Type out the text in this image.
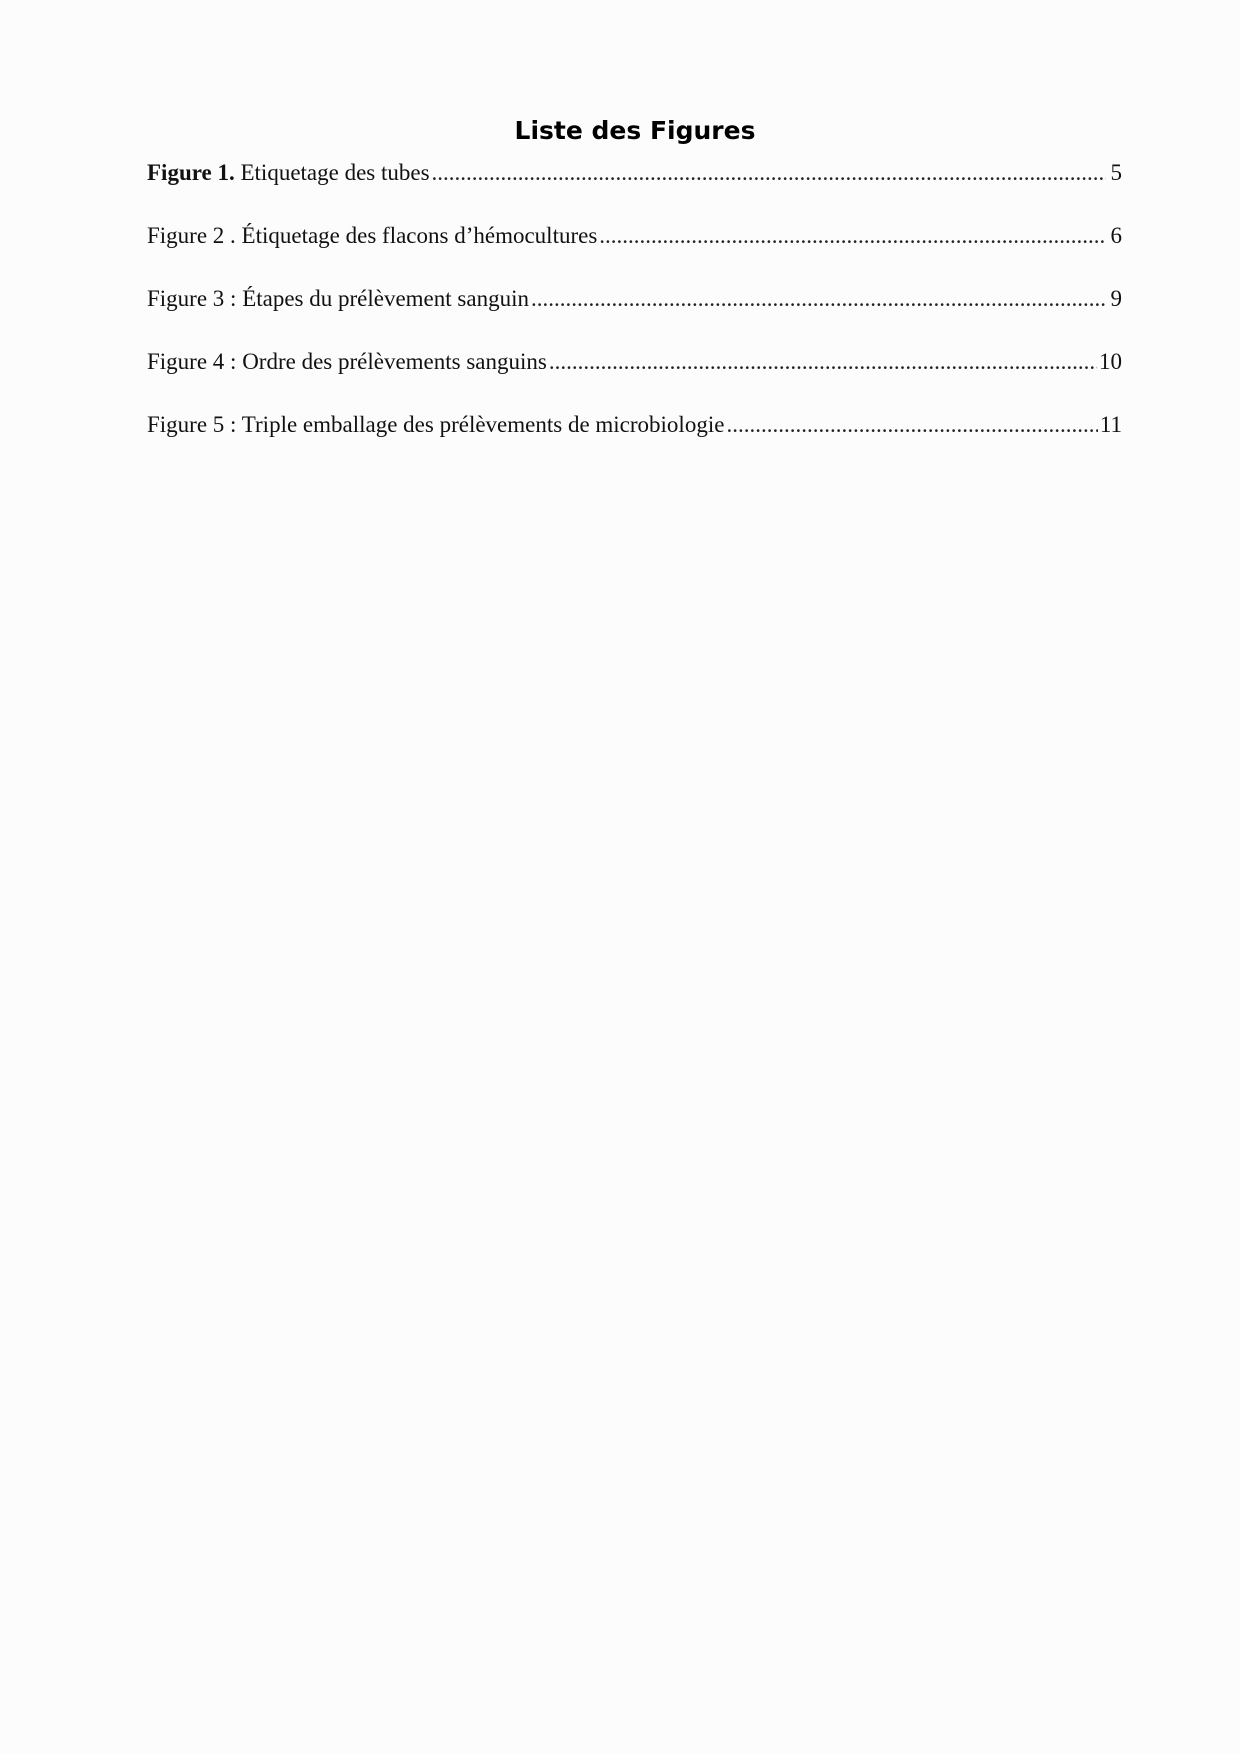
Liste des Figures
Figure 1. Etiquetage des tubes .....	5
Figure 2 . Étiquetage des flacons d’hémocultures .....	6
Figure 3 : Étapes du prélèvement sanguin .....	9
Figure 4 : Ordre des prélèvements sanguins .....	10
Figure 5 : Triple emballage des prélèvements de microbiologie .....	11
